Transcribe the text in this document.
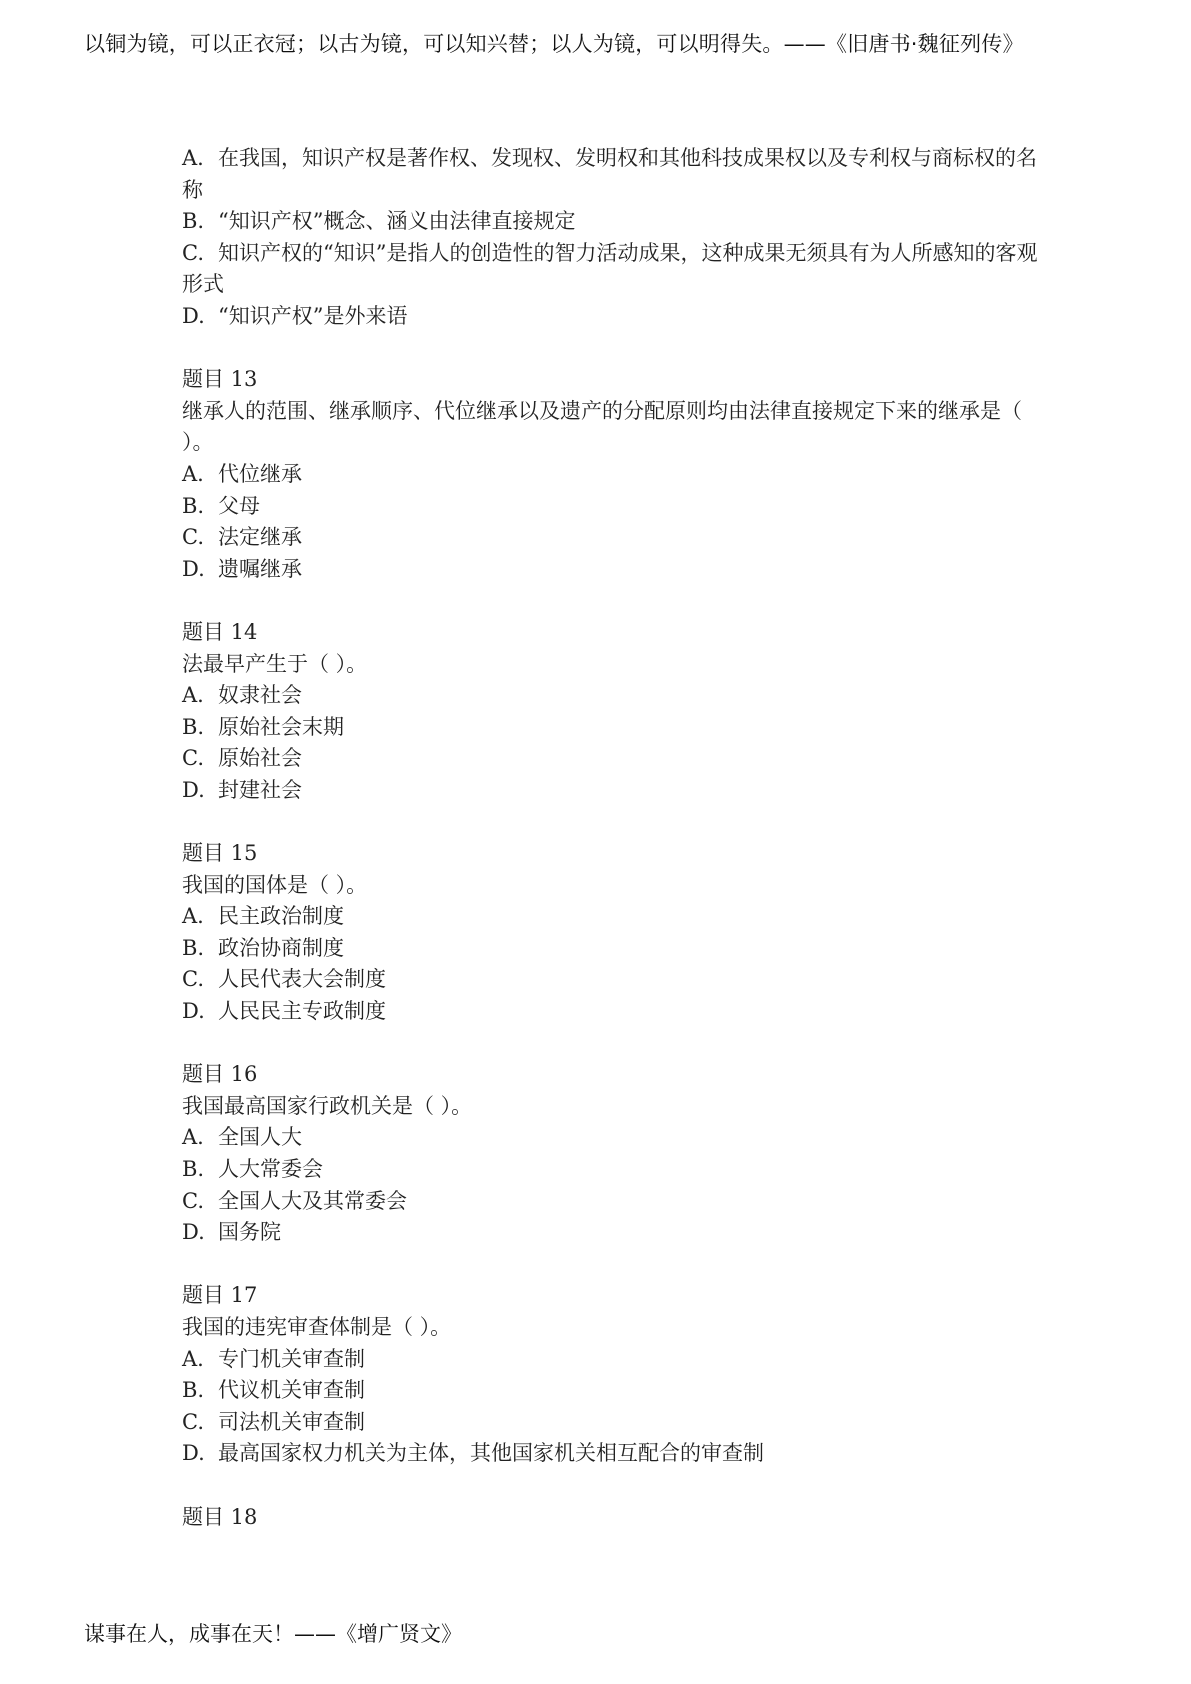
以铜为镜，可以正衣冠；以古为镜，可以知兴替；以人为镜，可以明得失。——《旧唐书·魏征列传》
A. 在我国，知识产权是著作权、发现权、发明权和其他科技成果权以及专利权与商标权的名称
B. “知识产权”概念、涵义由法律直接规定
C. 知识产权的“知识”是指人的创造性的智力活动成果，这种成果无须具有为人所感知的客观形式
D. “知识产权”是外来语
题目 13
继承人的范围、继承顺序、代位继承以及遗产的分配原则均由法律直接规定下来的继承是（ ）。
A. 代位继承
B. 父母
C. 法定继承
D. 遗嘱继承
题目 14
法最早产生于（ ）。
A. 奴隶社会
B. 原始社会末期
C. 原始社会
D. 封建社会
题目 15
我国的国体是（ ）。
A. 民主政治制度
B. 政治协商制度
C. 人民代表大会制度
D. 人民民主专政制度
题目 16
我国最高国家行政机关是（ ）。
A. 全国人大
B. 人大常委会
C. 全国人大及其常委会
D. 国务院
题目 17
我国的违宪审查体制是（ ）。
A. 专门机关审查制
B. 代议机关审查制
C. 司法机关审查制
D. 最高国家权力机关为主体，其他国家机关相互配合的审查制
题目 18
谋事在人，成事在天！——《增广贤文》
